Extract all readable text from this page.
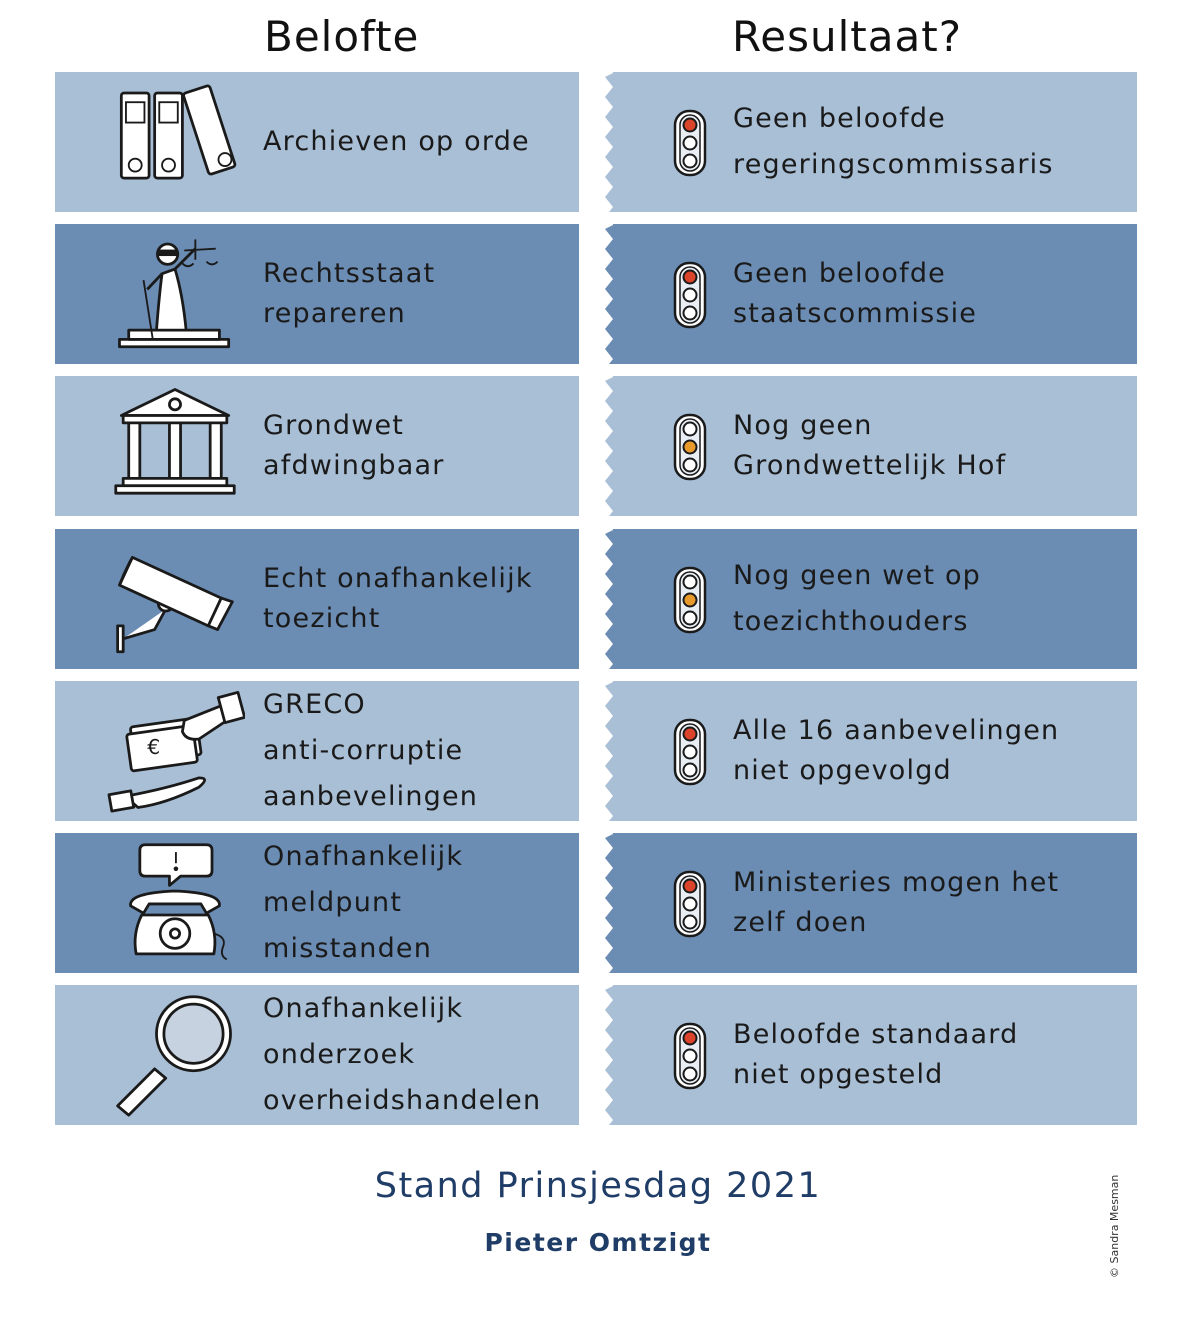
Belofte	Resultaat?
Archieven op orde
Geen beloofde
regeringscommissaris
Rechtsstaat
repareren
Geen beloofde
staatscommissie
Grondwet
afdwingbaar
Nog geen
Grondwettelijk Hof
Echt onafhankelijk
toezicht
Nog geen wet op
toezichthouders
€
GRECO
anti-corruptie
aanbevelingen
Alle 16 aanbevelingen
niet opgevolgd
Onafhankelijk
meldpunt
misstanden
Ministeries mogen het
zelf doen
Onafhankelijk
onderzoek
overheidshandelen
Beloofde standaard
niet opgesteld
Stand Prinsjesdag 2021
Pieter Omtzigt	© Sandra Mesman
